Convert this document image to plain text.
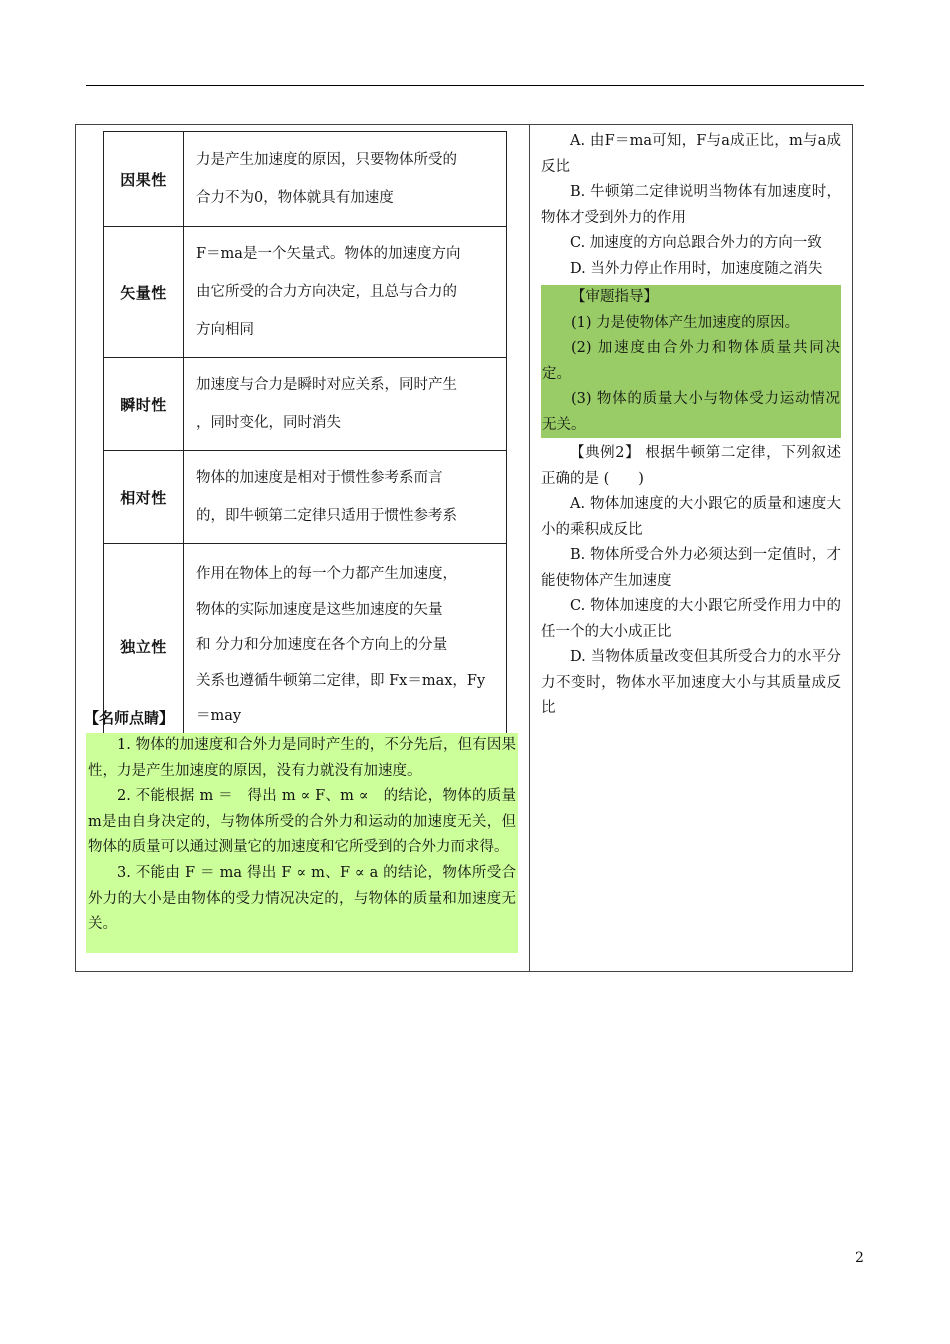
因果性	力是产生加速度的原因，只要物体所受的
合力不为0，物体就具有加速度

矢量性	F＝ma是一个矢量式。物体的加速度方向
由它所受的合力方向决定，且总与合力的
方向相同

瞬时性	加速度与合力是瞬时对应关系，同时产生
，同时变化，同时消失

相对性	物体的加速度是相对于惯性参考系而言
的，即牛顿第二定律只适用于惯性参考系

独立性	作用在物体上的每一个力都产生加速度，
物体的实际加速度是这些加速度的矢量
和 分力和分加速度在各个方向上的分量
关系也遵循牛顿第二定律，即 Fx＝max，Fy
＝may
【名师点睛】

1. 物体的加速度和合外力是同时产生的，不分先后，但有因果性，力是产生加速度的原因，没有力就没有加速度。

2. 不能根据 m ＝　得出 m ∝ F、m ∝　的结论，物体的质量m是由自身决定的，与物体所受的合外力和运动的加速度无关，但物体的质量可以通过测量它的加速度和它所受到的合外力而求得。

3. 不能由 F ＝ ma 得出 F ∝ m、F ∝ a 的结论，物体所受合外力的大小是由物体的受力情况决定的，与物体的质量和加速度无关。

A. 由F＝ma可知，F与a成正比，m与a成反比

B. 牛顿第二定律说明当物体有加速度时，物体才受到外力的作用

C. 加速度的方向总跟合外力的方向一致

D. 当外力停止作用时，加速度随之消失

【审题指导】

(1) 力是使物体产生加速度的原因。

(2) 加速度由合外力和物体质量共同决定。

(3) 物体的质量大小与物体受力运动情况无关。

【典例2】 根据牛顿第二定律，下列叙述正确的是 (　　)

A. 物体加速度的大小跟它的质量和速度大小的乘积成反比

B. 物体所受合外力必须达到一定值时，才能使物体产生加速度

C. 物体加速度的大小跟它所受作用力中的任一个的大小成正比

D. 当物体质量改变但其所受合力的水平分力不变时，物体水平加速度大小与其质量成反比

2
